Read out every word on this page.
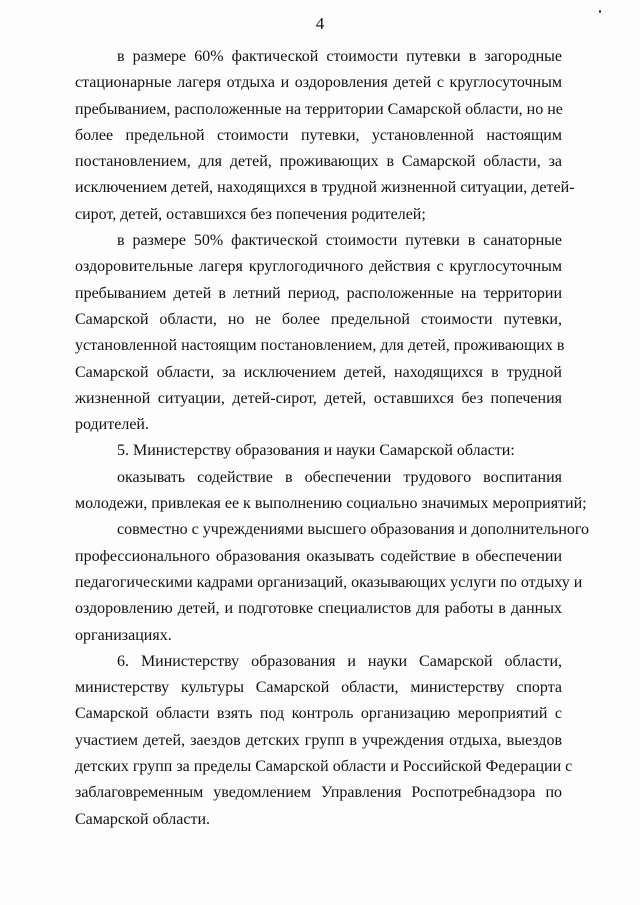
4
в размере 60% фактической стоимости путевки в загородные
стационарные лагеря отдыха и оздоровления детей с круглосуточным
пребыванием, расположенные на территории Самарской области, но не
более предельной стоимости путевки, установленной настоящим
постановлением, для детей, проживающих в Самарской области, за
исключением детей, находящихся в трудной жизненной ситуации, детей-
сирот, детей, оставшихся без попечения родителей;
в размере 50% фактической стоимости путевки в санаторные
оздоровительные лагеря круглогодичного действия с круглосуточным
пребыванием детей в летний период, расположенные на территории
Самарской области, но не более предельной стоимости путевки,
установленной настоящим постановлением, для детей, проживающих в
Самарской области, за исключением детей, находящихся в трудной
жизненной ситуации, детей-сирот, детей, оставшихся без попечения
родителей.
5. Министерству образования и науки Самарской области:
оказывать содействие в обеспечении трудового воспитания
молодежи, привлекая ее к выполнению социально значимых мероприятий;
совместно с учреждениями высшего образования и дополнительного
профессионального образования оказывать содействие в обеспечении
педагогическими кадрами организаций, оказывающих услуги по отдыху и
оздоровлению детей, и подготовке специалистов для работы в данных
организациях.
6. Министерству образования и науки Самарской области,
министерству культуры Самарской области, министерству спорта
Самарской области взять под контроль организацию мероприятий с
участием детей, заездов детских групп в учреждения отдыха, выездов
детских групп за пределы Самарской области и Российской Федерации с
заблаговременным уведомлением Управления Роспотребнадзора по
Самарской области.
